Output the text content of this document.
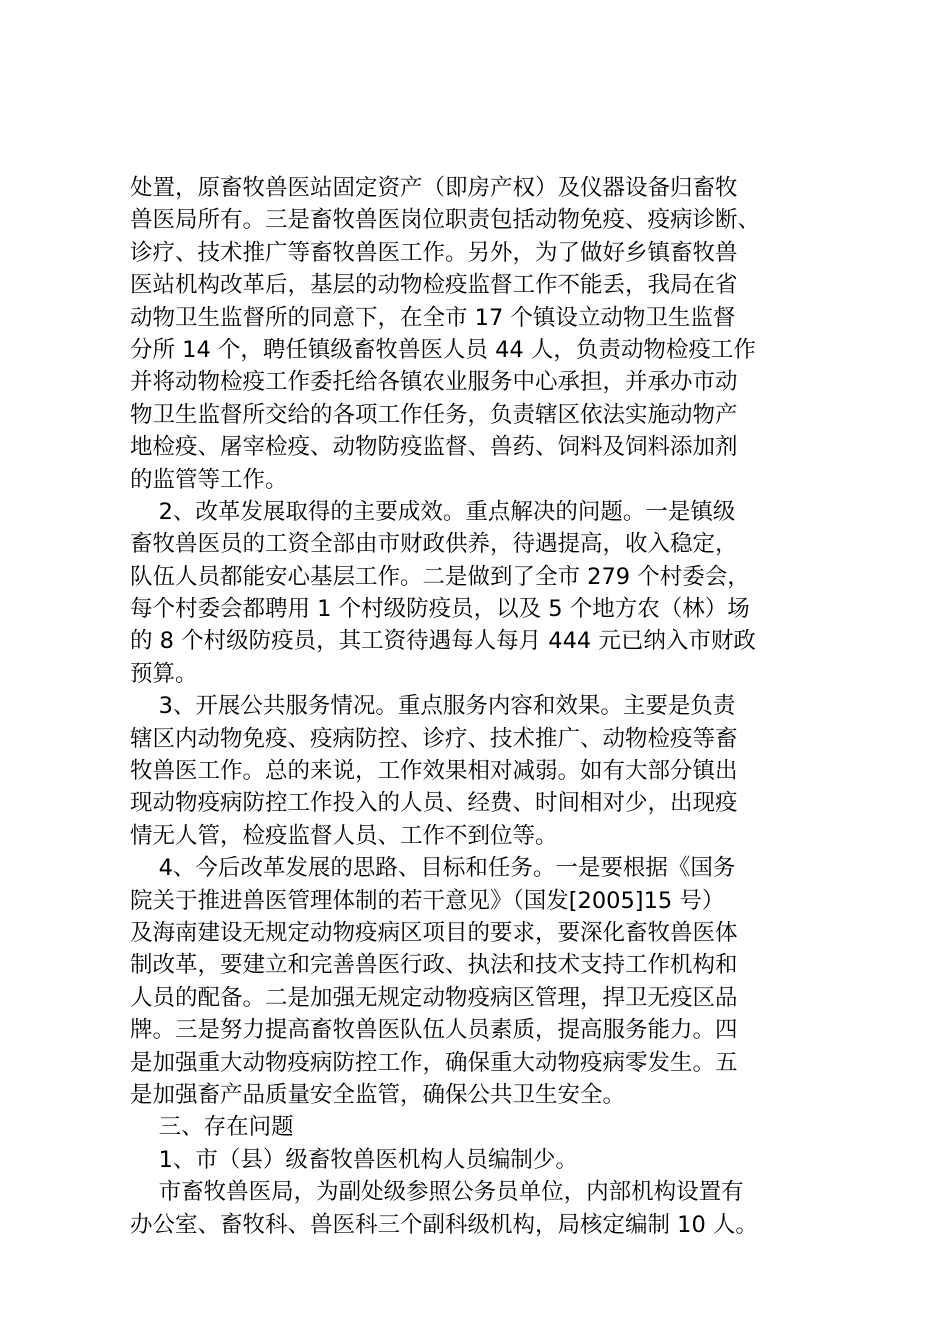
处置，原畜牧兽医站固定资产（即房产权）及仪器设备归畜牧
兽医局所有。三是畜牧兽医岗位职责包括动物免疫、疫病诊断、
诊疗、技术推广等畜牧兽医工作。另外，为了做好乡镇畜牧兽
医站机构改革后，基层的动物检疫监督工作不能丢，我局在省
动物卫生监督所的同意下，在全市 17 个镇设立动物卫生监督
分所 14 个，聘任镇级畜牧兽医人员 44 人，负责动物检疫工作
并将动物检疫工作委托给各镇农业服务中心承担，并承办市动
物卫生监督所交给的各项工作任务，负责辖区依法实施动物产
地检疫、屠宰检疫、动物防疫监督、兽药、饲料及饲料添加剂
的监管等工作。
2、改革发展取得的主要成效。重点解决的问题。一是镇级
畜牧兽医员的工资全部由市财政供养，待遇提高，收入稳定，
队伍人员都能安心基层工作。二是做到了全市 279 个村委会，
每个村委会都聘用 1 个村级防疫员，以及 5 个地方农（林）场
的 8 个村级防疫员，其工资待遇每人每月 444 元已纳入市财政
预算。
3、开展公共服务情况。重点服务内容和效果。主要是负责
辖区内动物免疫、疫病防控、诊疗、技术推广、动物检疫等畜
牧兽医工作。总的来说，工作效果相对减弱。如有大部分镇出
现动物疫病防控工作投入的人员、经费、时间相对少，出现疫
情无人管，检疫监督人员、工作不到位等。
4、今后改革发展的思路、目标和任务。一是要根据《国务
院关于推进兽医管理体制的若干意见》（国发[2005]15 号）
及海南建设无规定动物疫病区项目的要求，要深化畜牧兽医体
制改革，要建立和完善兽医行政、执法和技术支持工作机构和
人员的配备。二是加强无规定动物疫病区管理，捍卫无疫区品
牌。三是努力提高畜牧兽医队伍人员素质，提高服务能力。四
是加强重大动物疫病防控工作，确保重大动物疫病零发生。五
是加强畜产品质量安全监管，确保公共卫生安全。
三、存在问题
1、市（县）级畜牧兽医机构人员编制少。
市畜牧兽医局，为副处级参照公务员单位，内部机构设置有
办公室、畜牧科、兽医科三个副科级机构，局核定编制 10 人。
